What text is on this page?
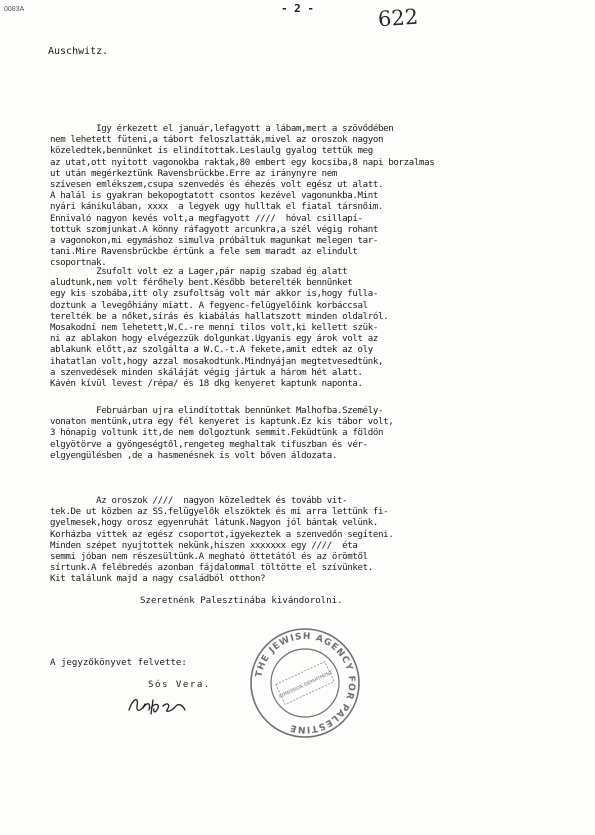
0083A	- 2 -	622
Auschwitz.
Igy érkezett el január,lefagyott a lábam,mert a szövődében
nem lehetett füteni,a tábort feloszlatták,mivel az oroszok nagyon
közeledtek,bennünket is elindítottak.Leslaulg gyalog tettük meg
az utat,ott nyitott vagonokba raktak,80 embert egy kocsiba,8 napi borzalmas
ut után megérkeztünk Ravensbrückbe.Erre az iránynyre nem
szívesen emlékszem,csupa szenvedés és éhezés volt egész ut alatt.
A halál is gyakran bekopogtatott csontos kezével vagonunkba.Mint
nyári kánikulában, xxxx  a legyek ugy hulltak el fiatal társnőim.
Ennivaló nagyon kevés volt,a megfagyott ////  hóval csillapí-
tottuk szomjunkat.A könny ráfagyott arcunkra,a szél végig rohant
a vagonokon,mi egymáshoz simulva próbáltuk magunkat melegen tar-
tani.Mire Ravensbrückbe értünk a fele sem maradt az elindult
csoportnak.
Zsufolt volt ez a Lager,pár napig szabad ég alatt
aludtunk,nem volt férőhely bent.Később beterelték bennünket
egy kis szobába,itt oly zsufoltság volt már akkor is,hogy fulla-
doztunk a levegőhiány miatt. A fegyenc-felügyelőink korbáccsal
terelték be a nőket,sirás és kiabálás hallatszott minden oldalról.
Mosakodni nem lehetett,W.C.-re menni tilos volt,ki kellett szük-
ni az ablakon hogy elvégezzük dolgunkat.Ugyanis egy árok volt az
ablakunk előtt,az szolgálta a W.C.-t.A fekete,amit edtek az oly
ihatatlan volt,hogy azzal mosakodtunk.Mindnyájan megtetvesedtünk,
a szenvedések minden skáláját végig jártuk a három hét alatt.
Kávén kívül levest /répa/ és 18 dkg kenyeret kaptunk naponta.
Februárban ujra elindítottak bennünket Malhofba.Személy-
vonaton mentünk,utra egy fél kenyeret is kaptunk.Ez kis tábor volt,
3 hónapig voltunk itt,de nem dolgoztunk semmit.Feküdtünk a földön
elgyötörve a gyöngeségtől,rengeteg meghaltak tifuszban és vér-
elgyengülésben ,de a hasmenésnek is volt bőven áldozata.
Az oroszok ////  nagyon közeledtek és tovább vit-
tek.De ut közben az SS.felügyelők elszöktek és mi arra lettünk fi-
gyelmesek,hogy orosz egyenruhát látunk.Nagyon jól bántak velünk.
Korházba vittek az egész csoportot,igyekeztek a szenvedőn segíteni.
Minden szépet nyujtottek nekünk,hiszen xxxxxxx egy ////  éta
semmi jóban nem részesültünk.A megható öttetától és az örömtől
sírtunk.A felébredés azonban fájdalommal töltötte el szívünket.
Kit találunk majd a nagy családból otthon?
Szeretnénk Palesztinába kivándorolni.
A jegyzőkönyvet felvette:
Sós Vera.
THE JEWISH AGENCY FOR PALESTINE
ADMISSION DEPARTMENT
